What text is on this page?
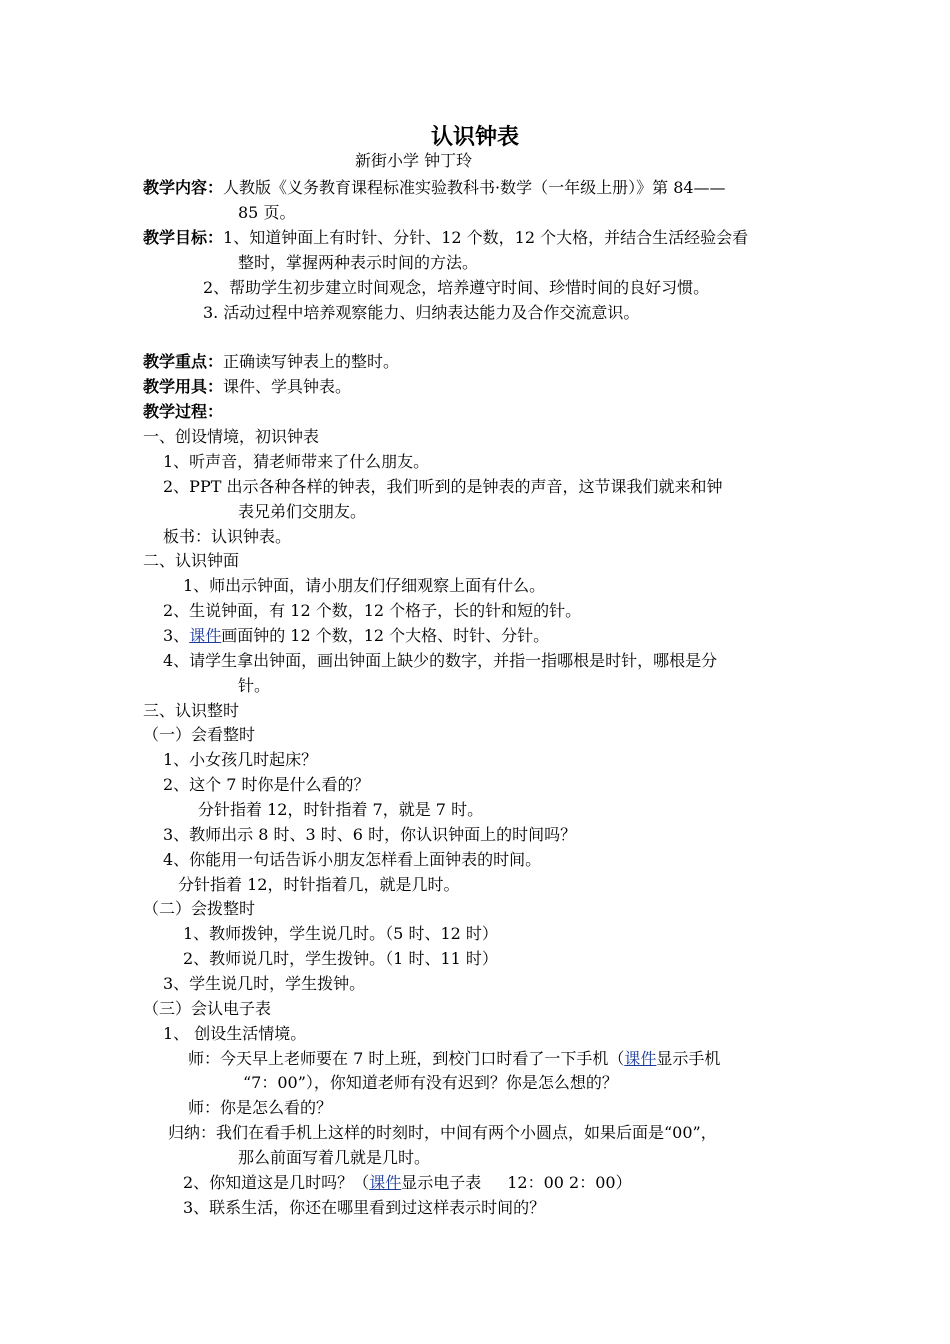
认识钟表
新街小学 钟丁玲
教学内容：人教版《义务教育课程标准实验教科书·数学（一年级上册）》第 84——
85 页。
教学目标：1、知道钟面上有时针、分针、12 个数，12 个大格，并结合生活经验会看
整时，掌握两种表示时间的方法。
2、帮助学生初步建立时间观念，培养遵守时间、珍惜时间的良好习惯。
3. 活动过程中培养观察能力、归纳表达能力及合作交流意识。
教学重点：正确读写钟表上的整时。
教学用具：课件、学具钟表。
教学过程：
一、创设情境，初识钟表
1、听声音，猜老师带来了什么朋友。
2、PPT 出示各种各样的钟表，我们听到的是钟表的声音，这节课我们就来和钟
表兄弟们交朋友。
板书：认识钟表。
二、认识钟面
1、师出示钟面，请小朋友们仔细观察上面有什么。
2、生说钟面，有 12 个数，12 个格子，长的针和短的针。
3、课件画面钟的 12 个数，12 个大格、时针、分针。
4、请学生拿出钟面，画出钟面上缺少的数字，并指一指哪根是时针，哪根是分
针。
三、认识整时
（一）会看整时
1、小女孩几时起床？
2、这个 7 时你是什么看的？
分针指着 12，时针指着 7，就是 7 时。
3、教师出示 8 时、3 时、6 时，你认识钟面上的时间吗？
4、你能用一句话告诉小朋友怎样看上面钟表的时间。
分针指着 12，时针指着几，就是几时。
（二）会拨整时
1、教师拨钟，学生说几时。（5 时、12 时）
2、教师说几时，学生拨钟。（1 时、11 时）
3、学生说几时，学生拨钟。
（三）会认电子表
1、 创设生活情境。
师：今天早上老师要在 7 时上班，到校门口时看了一下手机（课件显示手机
“7：00”），你知道老师有没有迟到？你是怎么想的？
师：你是怎么看的？
归纳：我们在看手机上这样的时刻时，中间有两个小圆点，如果后面是“00”，
那么前面写着几就是几时。
2、你知道这是几时吗？（课件显示电子表 12：00 2：00）
3、联系生活，你还在哪里看到过这样表示时间的？
